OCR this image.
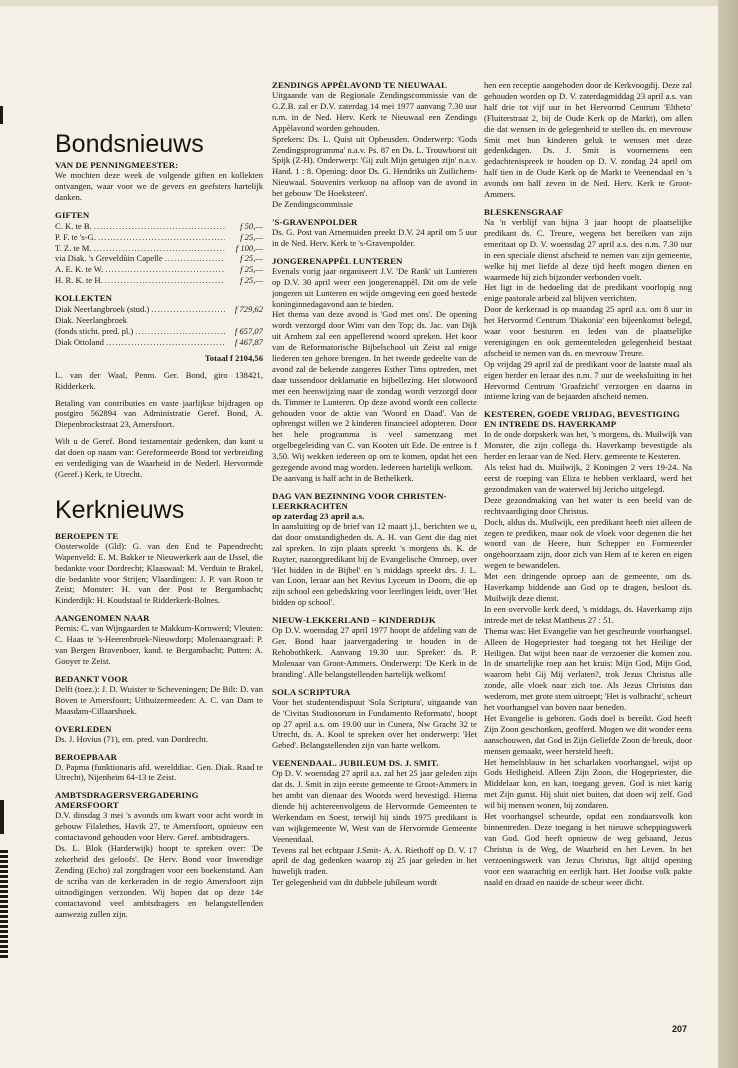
Bondsnieuws
VAN DE PENNINGMEESTER:

We mochten deze week de volgende giften en kollekten ontvangen, waar voor we de gevers en geefsters hartelijk danken.

GIFTEN
C. K. te B. .....	f 50,—
P. F. te 's-G. .....	f 25,—
T. Z. te M. .....	f 100,—
via Diak. 's Greveldùin Capelle .....	f 25,—
A. E. K. te W. .....	f 25,—
H. R. K. te H. .....	f 25,—
KOLLEKTEN
Diak Neerlangbroek (stud.) .....	f 729,62
Diak. Neerlangbroek
(fonds sticht. pred. pl.) .....	f 657,07
Diak Ottoland .....	f 467,87
Totaal f 2104,56

L. van der Waal, Penm. Ger. Bond, giro 138421, Ridderkerk.

Betaling van contributies en vaste jaarlijkse bijdragen op postgiro 562894 van Administratie Geref. Bond, A. Diepenbrockstraat 23, Amersfoort.

Wilt u de Geref. Bond testamentair gedenken, dan kunt u dat doen op naam van: Gereformeerde Bond tot verbreiding en verdediging van de Waarheid in de Nederl. Hervormde (Geref.) Kerk, te Utrecht.

Kerknieuws
BEROEPEN TE

Oosterwolde (Gld): G. van den End te Papendrecht; Wapenveld: E. M. Bakker te Nieuwerkerk aan de IJssel, die bedankte voor Dordrecht; Klaaswaal: M. Verduin te Brakel, die bedankte voor Strijen; Vlaardingen: J. P. van Roon te Zeist; Monster: H. van der Post te Bergambacht; Kinderdijk: H. Koudstaal te Ridderkerk-Bolnes.

AANGENOMEN NAAR

Pernis: C. van Wijngaarden te Makkum-Kornwerd; Vleuten: C. Haas te 's-Heerenbroek-Nieuwdorp; Molenaarsgraaf: P. van Bergen Bravenboer, kand. te Bergambacht; Putten: A. Gooyer te Zeist.

BEDANKT VOOR

Delft (toez.): J. D. Wuister te Scheveningen; De Bilt: D. van Boven te Amersfoort; Uithuizermeeden: A. C. van Dam te Maasdam-Cillaarshoek.

OVERLEDEN

Ds. J. Hovius (71), em. pred. van Dordrecht.

BEROEPBAAR

D. Papma (funktionaris afd. werelddiac. Gen. Diak. Raad te Utrecht), Nijenheim 64-13 te Zeist.

AMBTSDRAGERSVERGADERING AMERSFOORT

D.V. dinsdag 3 mei 's avonds om kwart voor acht wordt in gebouw Filalethes, Havik 27, te Amersfoort, opnieuw een contactavond gehouden voor Herv. Geref. ambtsdragers.
Ds. L. Blok (Harderwijk) hoopt te spreken over: 'De zekerheid des geloofs'. De Herv. Bond voor Inwendige Zending (Echo) zal zorgdragen voor een boekenstand. Aan de scriba van de kerkeraden in de regio Amersfoort zijn uitnodigingen verzonden. Wij hopen dat op deze 14e contactavond veel ambtsdragers en belangstellenden aanwezig zullen zijn.

ZENDINGS APPÈLAVOND TE NIEUWAAL

Uitgaande van de Regionale Zendingscommissie van de G.Z.B. zal er D.V. zaterdag 14 mei 1977 aanvang 7.30 uur n.m. in de Ned. Herv. Kerk te Nieuwaal een Zendings Appèlavond worden gehouden.
Sprekers: Ds. L. Quist uit Opheusden. Onderwerp: 'Gods Zendingsprogramma' n.a.v. Ps. 87 en Ds. L. Trouwborst uit Spijk (Z-H). Onderwerp: 'Gij zult Mijn getuigen zijn' n.a.v. Hand. 1 : 8. Opening: door Ds. G. Hendriks uit Zuilichem-Nieuwaal. Souvenirs verkoop na afloop van de avond in het gebouw 'De Hoeksteen'.
De Zendingscommissie

'S-GRAVENPOLDER

Ds. G. Post van Arnemuiden preekt D.V. 24 april om 5 uur in de Ned. Herv. Kerk te 's-Gravenpolder.

JONGERENAPPÈL LUNTEREN

Evenals vorig jaar organiseert J.V. 'De Rank' uit Lunteren op D.V. 30 april weer een jongerenappèl. Dit om de vele jongeren uit Lunteren en wijde omgeving een goed bestede koninginnedagavond aan te bieden.
Het thema van deze avond is 'God met ons'. De opening wordt verzorgd door Wim van den Top; ds. Jac. van Dijk uit Arnhem zal een appellerend woord spreken. Het koor van de Reformatorische Bijbelschool uit Zeist zal enige liederen ten gehore brengen. In het tweede gedeelte van de avond zal de bekende zangeres Esther Tims optreden, met daar tussendoor deklamatie en bijbellezing. Het slotwoord met een heenwijzing naar de zondag wordt verzorgd door ds. Timmer te Lunteren. Op deze avond wordt een collecte gehouden voor de aktie van 'Woord en Daad'. Van de opbrengst willen we 2 kinderen financieel adopteren. Door het hele programma is veel samenzang met orgelbegeleiding van C. van Kooten uit Ede. De entree is f 3,50. Wij wekken iedereen op om te komen, opdat het een gezegende avond mag worden. Iedereen hartelijk welkom.
De aanvang is half acht in de Bethelkerk.

DAG VAN BEZINNING VOOR CHRISTEN-LEERKRACHTEN
op zaterdag 23 april a.s.

In aansluiting op de brief van 12 maart j.l., berichten we u, dat door omstandigheden ds. A. H. van Gent die dag niet zal spreken. In zijn plaats spreekt 's morgens ds. K. de Ruyter, nazorgpredikant bij de Evangelische Omroep, over 'Het bidden in de Bijbel' en 's middags spreekt drs. J. L. van Loon, leraar aan het Revius Lyceum in Doorn, die op zijn school een gebedskring voor leerlingen leidt, over 'Het bidden op school'.

NIEUW-LEKKERLAND – KINDERDIJK

Op D.V. woensdag 27 april 1977 hoopt de afdeling van de Ger. Bond haar jaarvergadering te houden in de Rehobothkerk. Aanvang 19.30 uur. Spreker: ds. P. Molenaar van Groot-Ammers. Onderwerp: 'De Kerk in de branding'. Alle belangstellenden hartelijk welkom!

SOLA SCRIPTURA

Voor het studentendispuut 'Sola Scriptura', uitgaande van de 'Civitas Studiosorum in Fundamento Reformato', hoopt op 27 april a.s. om 19.00 uur in Cunera, Nw Gracht 32 te Utrecht, ds. A. Kool te spreken over het onderwerp: 'Het Gebed'. Belangstellenden zijn van harte welkom.

VEENENDAAL. JUBILEUM DS. J. SMIT.

Op D. V. woensdag 27 april a.s. zal het 25 jaar geleden zijn dat ds. J. Smit in zijn eerste gemeente te Groot-Ammers in het ambt van dienaar des Woords werd bevestigd. Hierna diende hij achtereenvolgens de Hervormde Gemeenten te Werkendam en Soest, terwijl hij sinds 1975 predikant is van wijkgemeente W, West van de Hervormde Gemeente Veenendaal.
Tevens zal het echtpaar J.Smit- A. A. Riethoff op D. V. 17 april de dag gedenken waarop zij 25 jaar geleden in het huwelijk traden.
Ter gelegenheid van dit dubbele jubileum wordt

hen een receptie aangeboden door de Kerkvoogdij. Deze zal gehouden worden op D. V. zaterdagmiddag 23 april a.s. van half drie tot vijf uur in het Hervormd Centrum 'Eltheto' (Fluiterstraat 2, bij de Oude Kerk op de Markt), om allen die dat wensen in de gelegenheid te stellen ds. en mevrouw Smit met hun kinderen geluk te wensen met deze gedenkdagen. Ds. J. Smit is voornemens een gedachtenispreek te houden op D. V. zondag 24 april om half tien in de Oude Kerk op de Markt te Veenendaal en 's avonds om half zeven in de Ned. Herv. Kerk te Groot-Ammers.

BLESKENSGRAAF

Na 'n verblijf van bijna 3 jaar hoopt de plaatselijke predikant ds. C. Treure, wegens het bereiken van zijn emeritaat op D. V. woensdag 27 april a.s. des n.m. 7.30 uur in een speciale dienst afscheid te nemen van zijn gemeente, welke hij met liefde al deze tijd heeft mogen dienen en waarmede hij zich bijzonder verbonden voelt.
Het ligt in de bedoeling dat de predikant voorlopig nog enige pastorale arbeid zal blijven verrichten.
Door de kerkeraad is op maandag 25 april a.s. om 8 uur in het Hervormd Centrum 'Diakonia' een bijeenkomst belegd, waar voor besturen en leden van de plaatselijke verenigingen en ook gemeenteleden gelegenheid bestaat afscheid te nemen van ds. en mevrouw Treure.
Op vrijdag 29 april zal de predikant voor de laatste maal als eigen herder en leraar des n.m. 7 uur de weeksluiting in het Hervormd Centrum 'Graafzicht' verzorgen en daarna in intieme kring van de bejaarden afscheid nemen.

KESTEREN, GOEDE VRIJDAG, BEVESTIGING EN INTREDE DS. HAVERKAMP

In de oude dorpskerk was het, 's morgens, ds. Muilwijk van Monster, die zijn collega ds. Haverkamp bevestigde als herder en leraar van de Ned. Herv. gemeente te Kesteren.
Als tekst had ds. Muilwijk, 2 Koningen 2 vers 19-24. Na eerst de roeping van Eliza te hebben verklaard, werd het gezondmaken van de waterwel bij Jericho uitgelegd.
Deze gezondmaking van het water is een beeld van de rechtvaardiging door Christus.
Doch, aldus ds. Muilwijk, een predikant heeft niet alleen de zegen te prediken, maar ook de vloek voor degenen die het woord van de Heere, hun Schepper en Formeerder ongehoorzaam zijn, door zich van Hem af te keren en eigen wegen te bewandelen.
Met een dringende oproep aan de gemeente, om ds. Haverkamp biddende aan God op te dragen, besloot ds. Muilwijk deze dienst.
In een overvolle kerk deed, 's middags, ds. Haverkamp zijn intrede met de tekst Mattheus 27 : 51.
Thema was: Het Evangelie van het gescheurde voorhangsel. Alleen de Hogepriester had toegang tot het Heilige der Heiligen. Dat wijst heen naar de verzoener die komen zou. In de smartelijke roep aan het kruis: Mijn God, Mijn God, waarom hebt Gij Mij verlaten?, trok Jezus Christus alle zonde, alle vloek naar zich toe. Als Jezus Christus dan wederom, met grote stem uitroept; 'Het is volbracht', scheurt het voorhangsel van boven naar beneden.
Het Evangelie is geboren. Gods doel is bereikt. God heeft Zijn Zoon geschonken, geofferd. Mogen we dit wonder eens aanschouwen, dat God in Zijn Geliefde Zoon de breuk, door mensen gemaakt, weer hersteld heeft.
Het hemelsblauw in het scharlaken voorhangsel, wijst op Gods Heiligheid. Alleen Zijn Zoon, die Hogepriester, die Middelaar kon, en kan, toegang geven. God is niet karig met Zijn gunst. Hij sluit niet buiten, dat doen wij zelf. God wil bij mensen wonen, bij zondaren.
Het voorhangsel scheurde, opdat een zondaarsvolk kon binnentreden. Deze toegang is het nieuwe scheppingswerk van God. God heeft opnieuw de weg gebaand, Jezus Christus is de Weg, de Waarheid en het Leven. In het verzoeningswerk van Jezus Christus, ligt altijd opening voor een waarachtig en eerlijk hart. Het Joodse volk pakte naald en draad en naaide de scheur weer dicht.

207
